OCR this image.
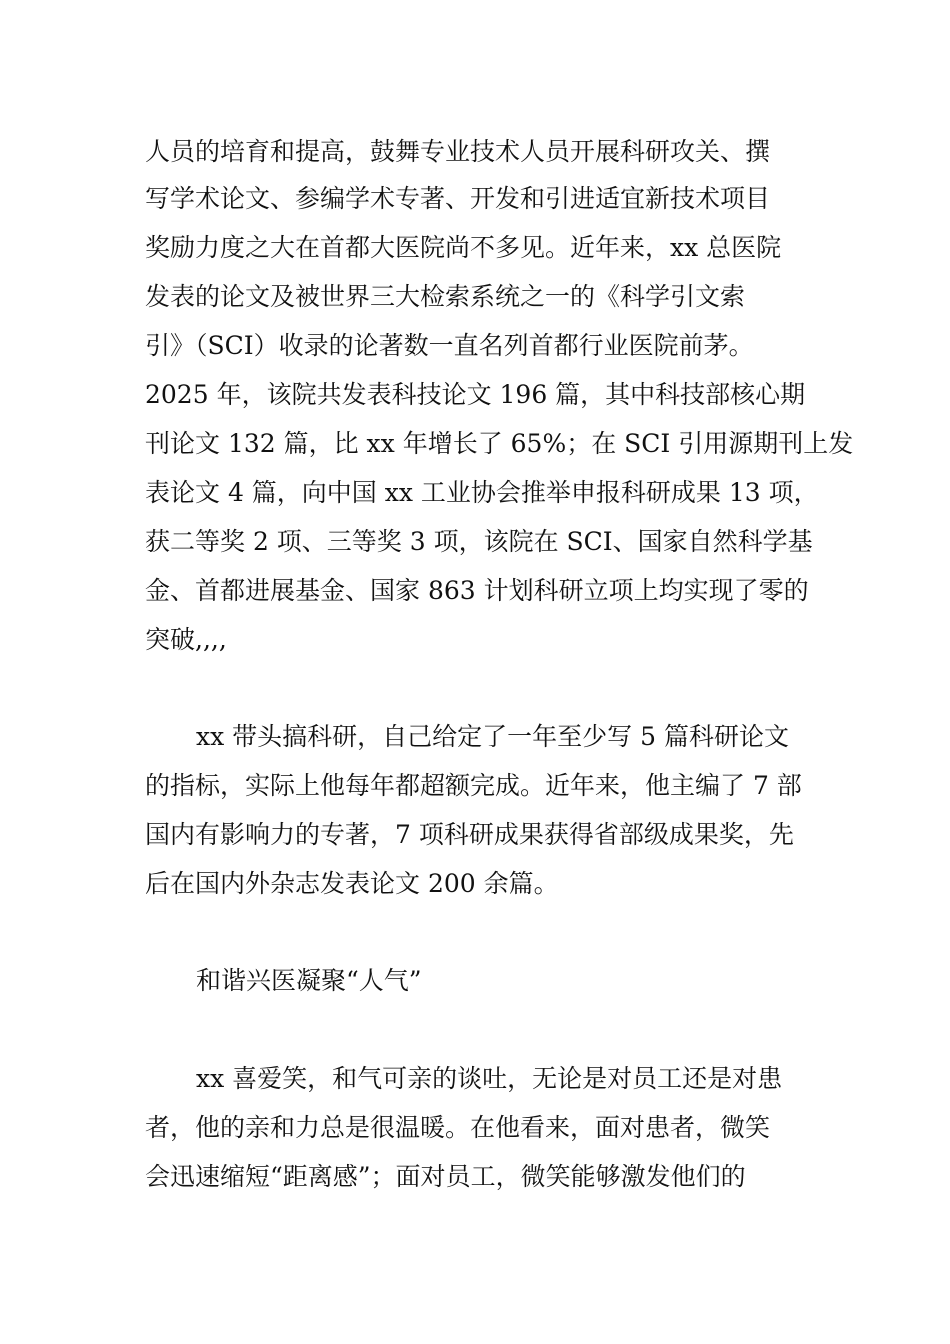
人员的培育和提高，鼓舞专业技术人员开展科研攻关、撰
写学术论文、参编学术专著、开发和引进适宜新技术项目
奖励力度之大在首都大医院尚不多见。近年来，xx 总医院
发表的论文及被世界三大检索系统之一的《科学引文索
引》（SCI）收录的论著数一直名列首都行业医院前茅。
2025 年，该院共发表科技论文 196 篇，其中科技部核心期
刊论文 132 篇，比 xx 年增长了 65%；在 SCI 引用源期刊上发
表论文 4 篇，向中国 xx 工业协会推举申报科研成果 13 项，
获二等奖 2 项、三等奖 3 项，该院在 SCI、国家自然科学基
金、首都进展基金、国家 863 计划科研立项上均实现了零的
突破,,,,
xx 带头搞科研，自己给定了一年至少写 5 篇科研论文
的指标，实际上他每年都超额完成。近年来，他主编了 7 部
国内有影响力的专著，7 项科研成果获得省部级成果奖，先
后在国内外杂志发表论文 200 余篇。
和谐兴医凝聚“人气”
xx 喜爱笑，和气可亲的谈吐，无论是对员工还是对患
者，他的亲和力总是很温暖。在他看来，面对患者，微笑
会迅速缩短“距离感”；面对员工，微笑能够激发他们的
